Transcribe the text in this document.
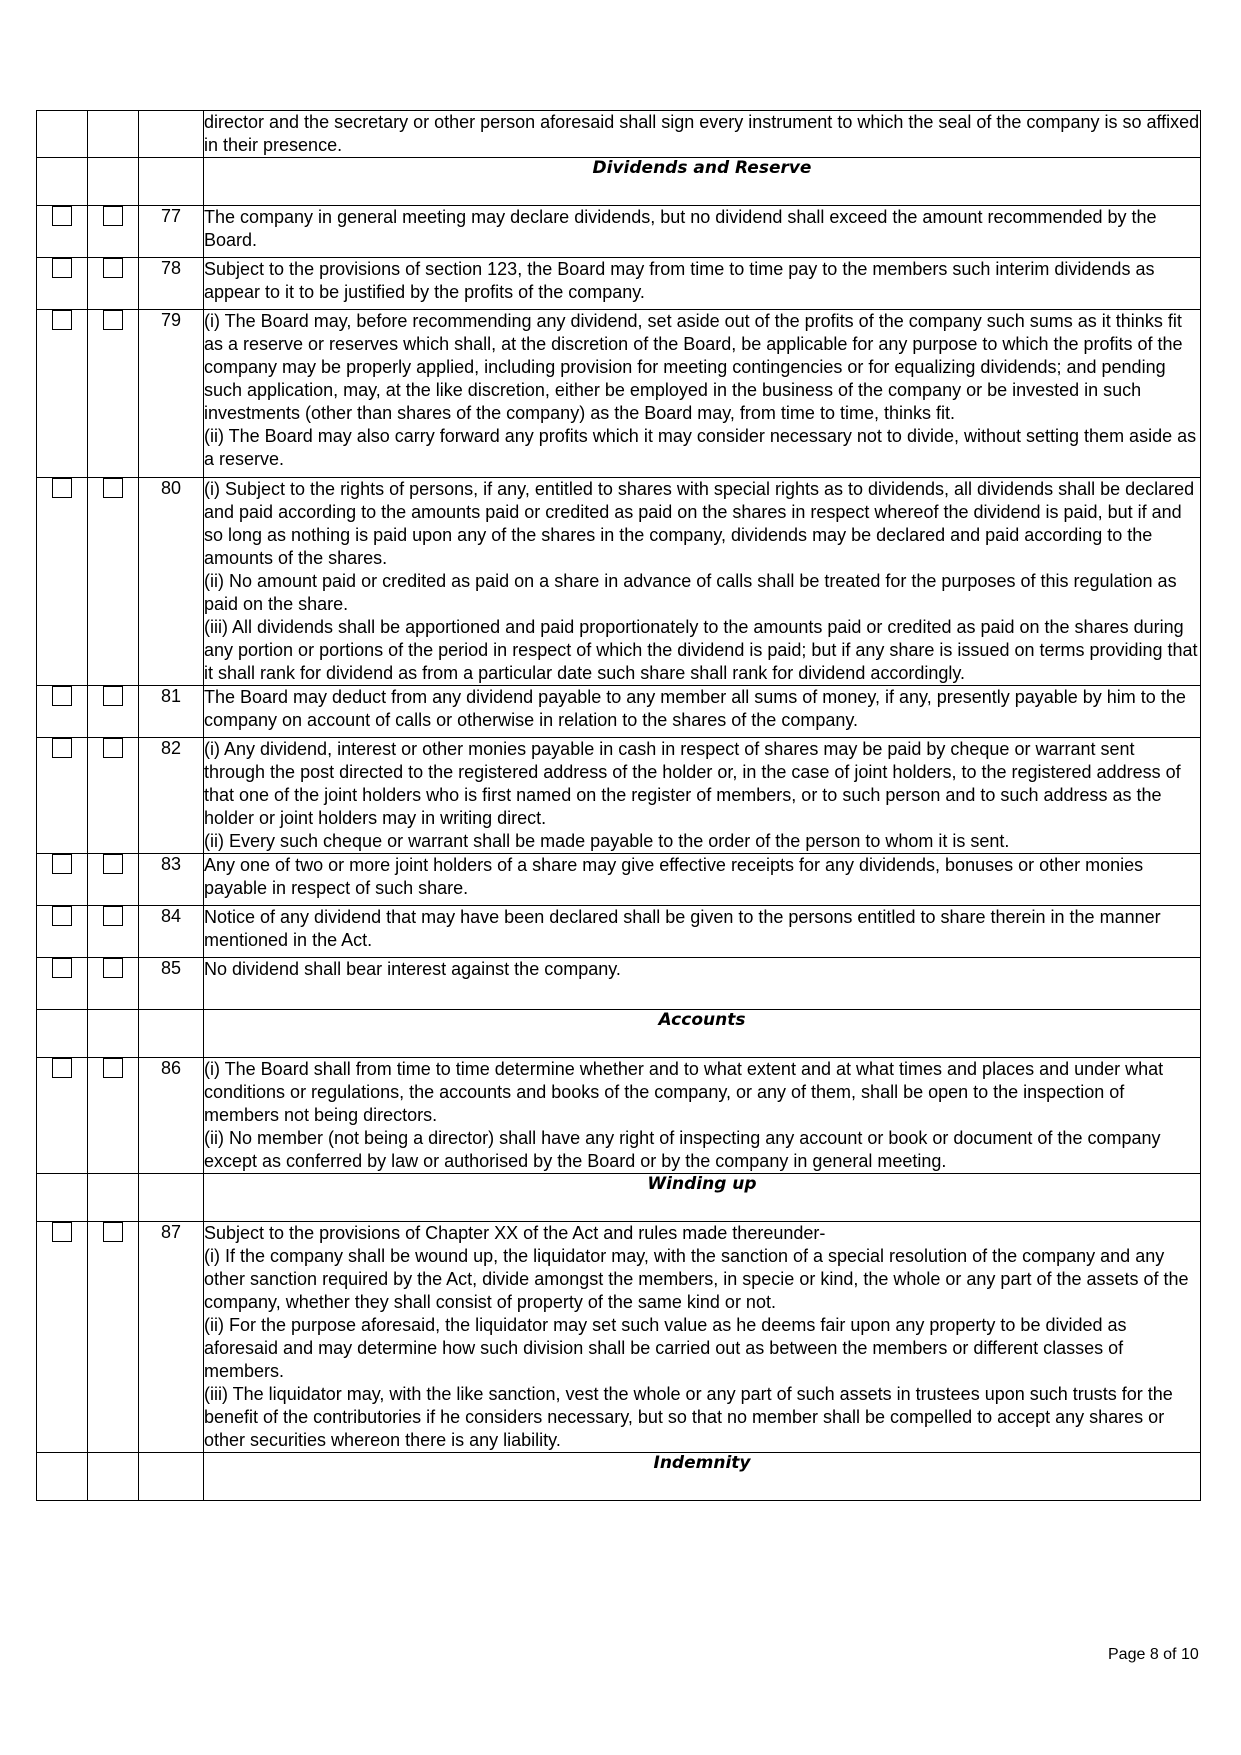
			director and the secretary or other person aforesaid shall sign every instrument to which the seal of the company is so affixed in their presence.

			Dividends and Reserve
		77	The company in general meeting may declare dividends, but no dividend shall exceed the amount recommended by the Board.

		78	Subject to the provisions of section 123, the Board may from time to time pay to the members such interim dividends as appear to it to be justified by the profits of the company.

		79	(i) The Board may, before recommending any dividend, set aside out of the profits of the company such sums as it thinks fit as a reserve or reserves which shall, at the discretion of the Board, be applicable for any purpose to which the profits of the company may be properly applied, including provision for meeting contingencies or for equalizing dividends; and pending such application, may, at the like discretion, either be employed in the business of the company or be invested in such investments (other than shares of the company) as the Board may, from time to time, thinks fit.
(ii) The Board may also carry forward any profits which it may consider necessary not to divide, without setting them aside as a reserve.

		80	(i) Subject to the rights of persons, if any, entitled to shares with special rights as to dividends, all dividends shall be declared and paid according to the amounts paid or credited as paid on the shares in respect whereof the dividend is paid, but if and so long as nothing is paid upon any of the shares in the company, dividends may be declared and paid according to the amounts of the shares.
(ii) No amount paid or credited as paid on a share in advance of calls shall be treated for the purposes of this regulation as paid on the share.
(iii) All dividends shall be apportioned and paid proportionately to the amounts paid or credited as paid on the shares during any portion or portions of the period in respect of which the dividend is paid; but if any share is issued on terms providing that it shall rank for dividend as from a particular date such share shall rank for dividend accordingly.

		81	The Board may deduct from any dividend payable to any member all sums of money, if any, presently payable by him to the company on account of calls or otherwise in relation to the shares of the company.

		82	(i) Any dividend, interest or other monies payable in cash in respect of shares may be paid by cheque or warrant sent through the post directed to the registered address of the holder or, in the case of joint holders, to the registered address of that one of the joint holders who is first named on the register of members, or to such person and to such address as the holder or joint holders may in writing direct.
(ii) Every such cheque or warrant shall be made payable to the order of the person to whom it is sent.

		83	Any one of two or more joint holders of a share may give effective receipts for any dividends, bonuses or other monies payable in respect of such share.

		84	Notice of any dividend that may have been declared shall be given to the persons entitled to share therein in the manner mentioned in the Act.

		85	No dividend shall bear interest against the company.

			Accounts
		86	(i) The Board shall from time to time determine whether and to what extent and at what times and places and under what conditions or regulations, the accounts and books of the company, or any of them, shall be open to the inspection of members not being directors.
(ii) No member (not being a director) shall have any right of inspecting any account or book or document of the company except as conferred by law or authorised by the Board or by the company in general meeting.

			Winding up
		87	Subject to the provisions of Chapter XX of the Act and rules made thereunder-
(i) If the company shall be wound up, the liquidator may, with the sanction of a special resolution of the company and any other sanction required by the Act, divide amongst the members, in specie or kind, the whole or any part of the assets of the company, whether they shall consist of property of the same kind or not.
(ii) For the purpose aforesaid, the liquidator may set such value as he deems fair upon any property to be divided as aforesaid and may determine how such division shall be carried out as between the members or different classes of members.
(iii) The liquidator may, with the like sanction, vest the whole or any part of such assets in trustees upon such trusts for the benefit of the contributories if he considers necessary, but so that no member shall be compelled to accept any shares or other securities whereon there is any liability.

			Indemnity
Page 8 of 10
